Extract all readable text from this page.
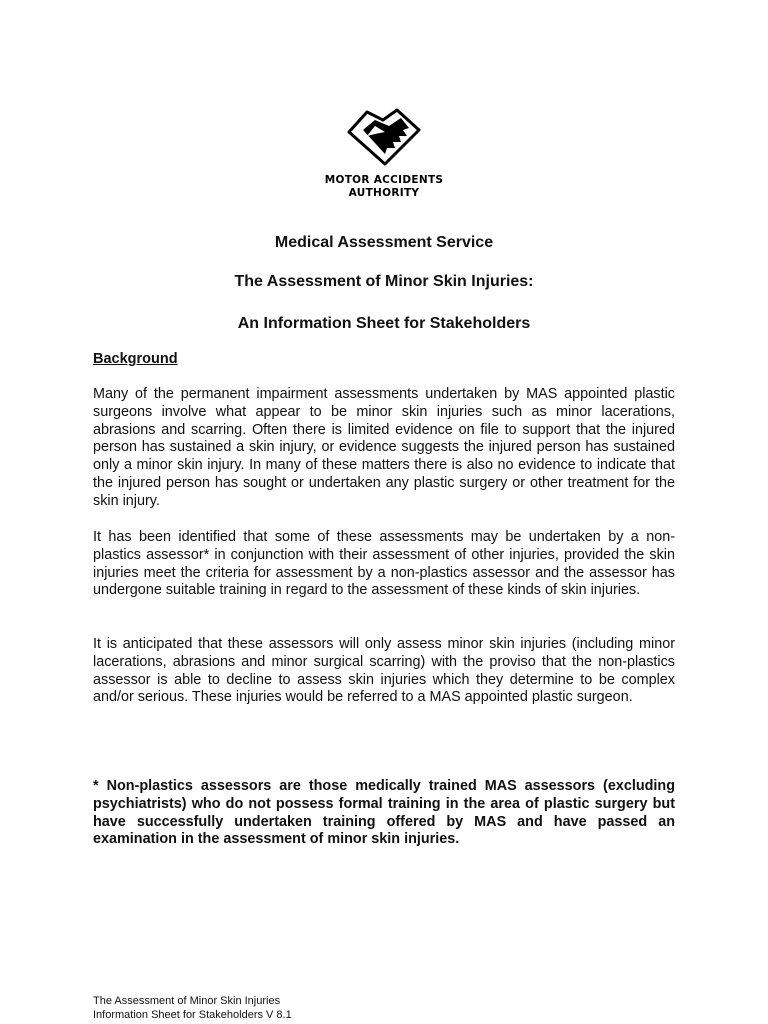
MOTOR ACCIDENTS
AUTHORITY
Medical Assessment Service
The Assessment of Minor Skin Injuries:
An Information Sheet for Stakeholders
Background

Many of the permanent impairment assessments undertaken by MAS appointed plastic surgeons involve what appear to be minor skin injuries such as minor lacerations, abrasions and scarring. Often there is limited evidence on file to support that the injured person has sustained a skin injury, or evidence suggests the injured person has sustained only a minor skin injury. In many of these matters there is also no evidence to indicate that the injured person has sought or undertaken any plastic surgery or other treatment for the skin injury.

It has been identified that some of these assessments may be undertaken by a non-plastics assessor* in conjunction with their assessment of other injuries, provided the skin injuries meet the criteria for assessment by a non-plastics assessor and the assessor has undergone suitable training in regard to the assessment of these kinds of skin injuries.

It is anticipated that these assessors will only assess minor skin injuries (including minor lacerations, abrasions and minor surgical scarring) with the proviso that the non-plastics assessor is able to decline to assess skin injuries which they determine to be complex and/or serious. These injuries would be referred to a MAS appointed plastic surgeon.

* Non-plastics assessors are those medically trained MAS assessors (excluding psychiatrists) who do not possess formal training in the area of plastic surgery but have successfully undertaken training offered by MAS and have passed an examination in the assessment of minor skin injuries.

The Assessment of Minor Skin Injuries
Information Sheet for Stakeholders V 8.1
